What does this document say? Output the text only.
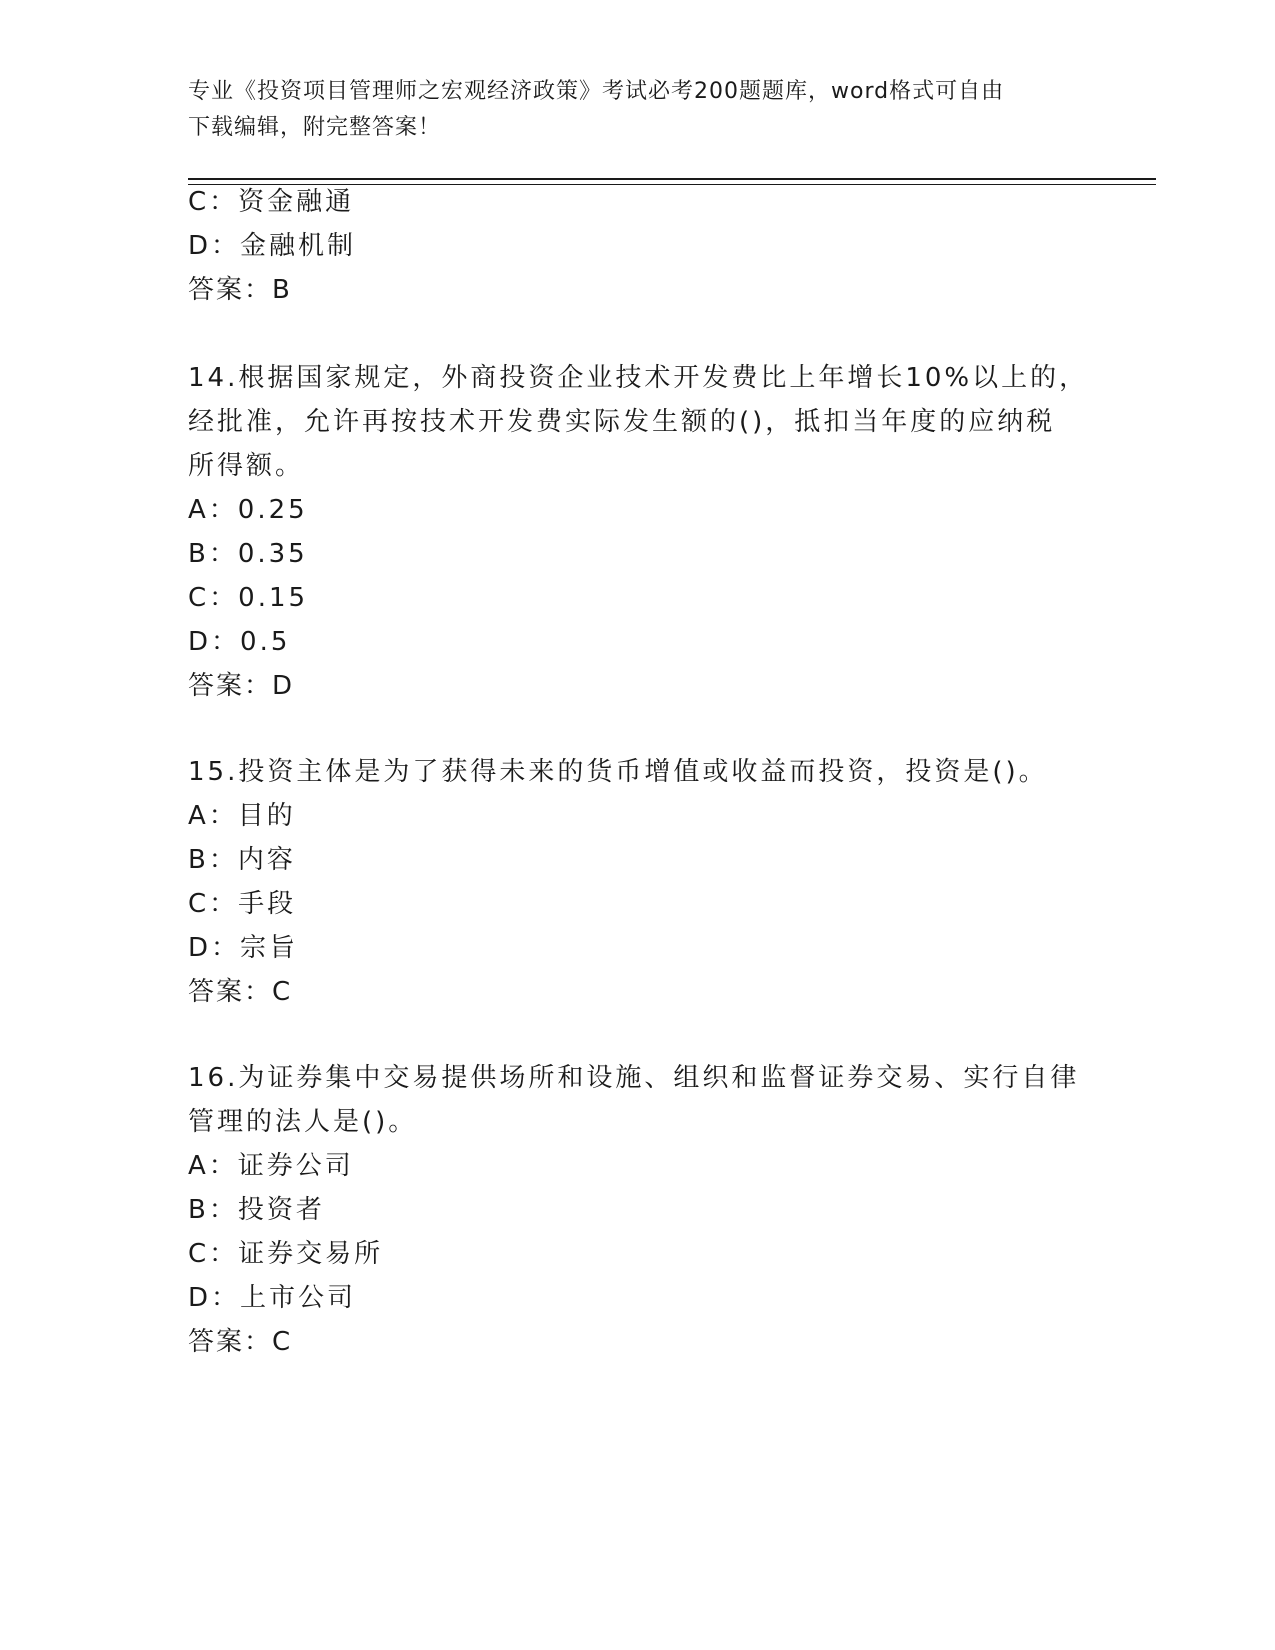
专业《投资项目管理师之宏观经济政策》考试必考200题题库，word格式可自由
下载编辑，附完整答案！
C：资金融通
D：金融机制
答案：B
14.根据国家规定，外商投资企业技术开发费比上年增长10%以上的，
经批准，允许再按技术开发费实际发生额的()，抵扣当年度的应纳税
所得额。
A：0.25
B：0.35
C：0.15
D：0.5
答案：D
15.投资主体是为了获得未来的货币增值或收益而投资，投资是()。
A：目的
B：内容
C：手段
D：宗旨
答案：C
16.为证券集中交易提供场所和设施、组织和监督证券交易、实行自律
管理的法人是()。
A：证券公司
B：投资者
C：证券交易所
D：上市公司
答案：C
